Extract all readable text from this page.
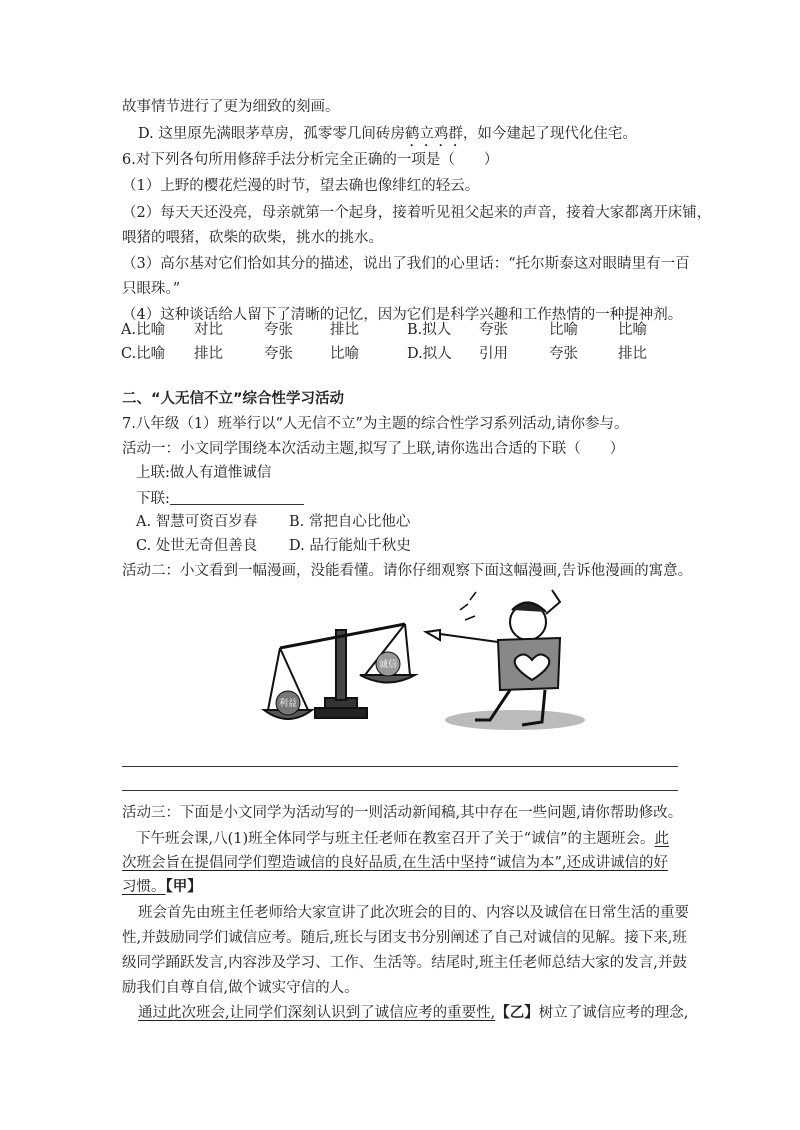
故事情节进行了更为细致的刻画。
D. 这里原先满眼茅草房，孤零零几间砖房鹤立鸡群，如今建起了现代化住宅。
6.对下列各句所用修辞手法分析完全正确的一项是（　　）
（1）上野的樱花烂漫的时节，望去确也像绯红的轻云。
（2）每天天还没亮，母亲就第一个起身，接着听见祖父起来的声音，接着大家都离开床铺，
喂猪的喂猪，砍柴的砍柴，挑水的挑水。
（3）高尔基对它们恰如其分的描述，说出了我们的心里话：“托尔斯泰这对眼睛里有一百
只眼珠。”
（4）这种谈话给人留下了清晰的记忆，因为它们是科学兴趣和工作热情的一种提神剂。
A.比喻 对比	夸张	排比	B.拟人 夸张	比喻	比喻
C.比喻 排比	夸张	比喻	D.拟人 引用	夸张	排比
二、“人无信不立”综合性学习活动
7.八年级（1）班举行以“人无信不立”为主题的综合性学习系列活动,请你参与。
活动一：小文同学围绕本次活动主题,拟写了上联,请你选出合适的下联（　　）
上联:做人有道惟诚信
下联:
A. 智慧可资百岁春 B. 常把自心比他心
C. 处世无奇但善良 D. 品行能灿千秋史
活动二：小文看到一幅漫画，没能看懂。请你仔细观察下面这幅漫画,告诉他漫画的寓意。
利益
诚信
活动三：下面是小文同学为活动写的一则活动新闻稿,其中存在一些问题,请你帮助修改。
下午班会课,八(1)班全体同学与班主任老师在教室召开了关于“诚信”的主题班会。此
次班会旨在提倡同学们塑造诚信的良好品质,在生活中坚持“诚信为本”,还成讲诚信的好
习惯。【甲】
班会首先由班主任老师给大家宣讲了此次班会的目的、内容以及诚信在日常生活的重要
性,并鼓励同学们诚信应考。随后,班长与团支书分别阐述了自己对诚信的见解。接下来,班
级同学踊跃发言,内容涉及学习、工作、生活等。结尾时,班主任老师总结大家的发言,并鼓
励我们自尊自信,做个诚实守信的人。
通过此次班会,让同学们深刻认识到了诚信应考的重要性,【乙】树立了诚信应考的理念,
